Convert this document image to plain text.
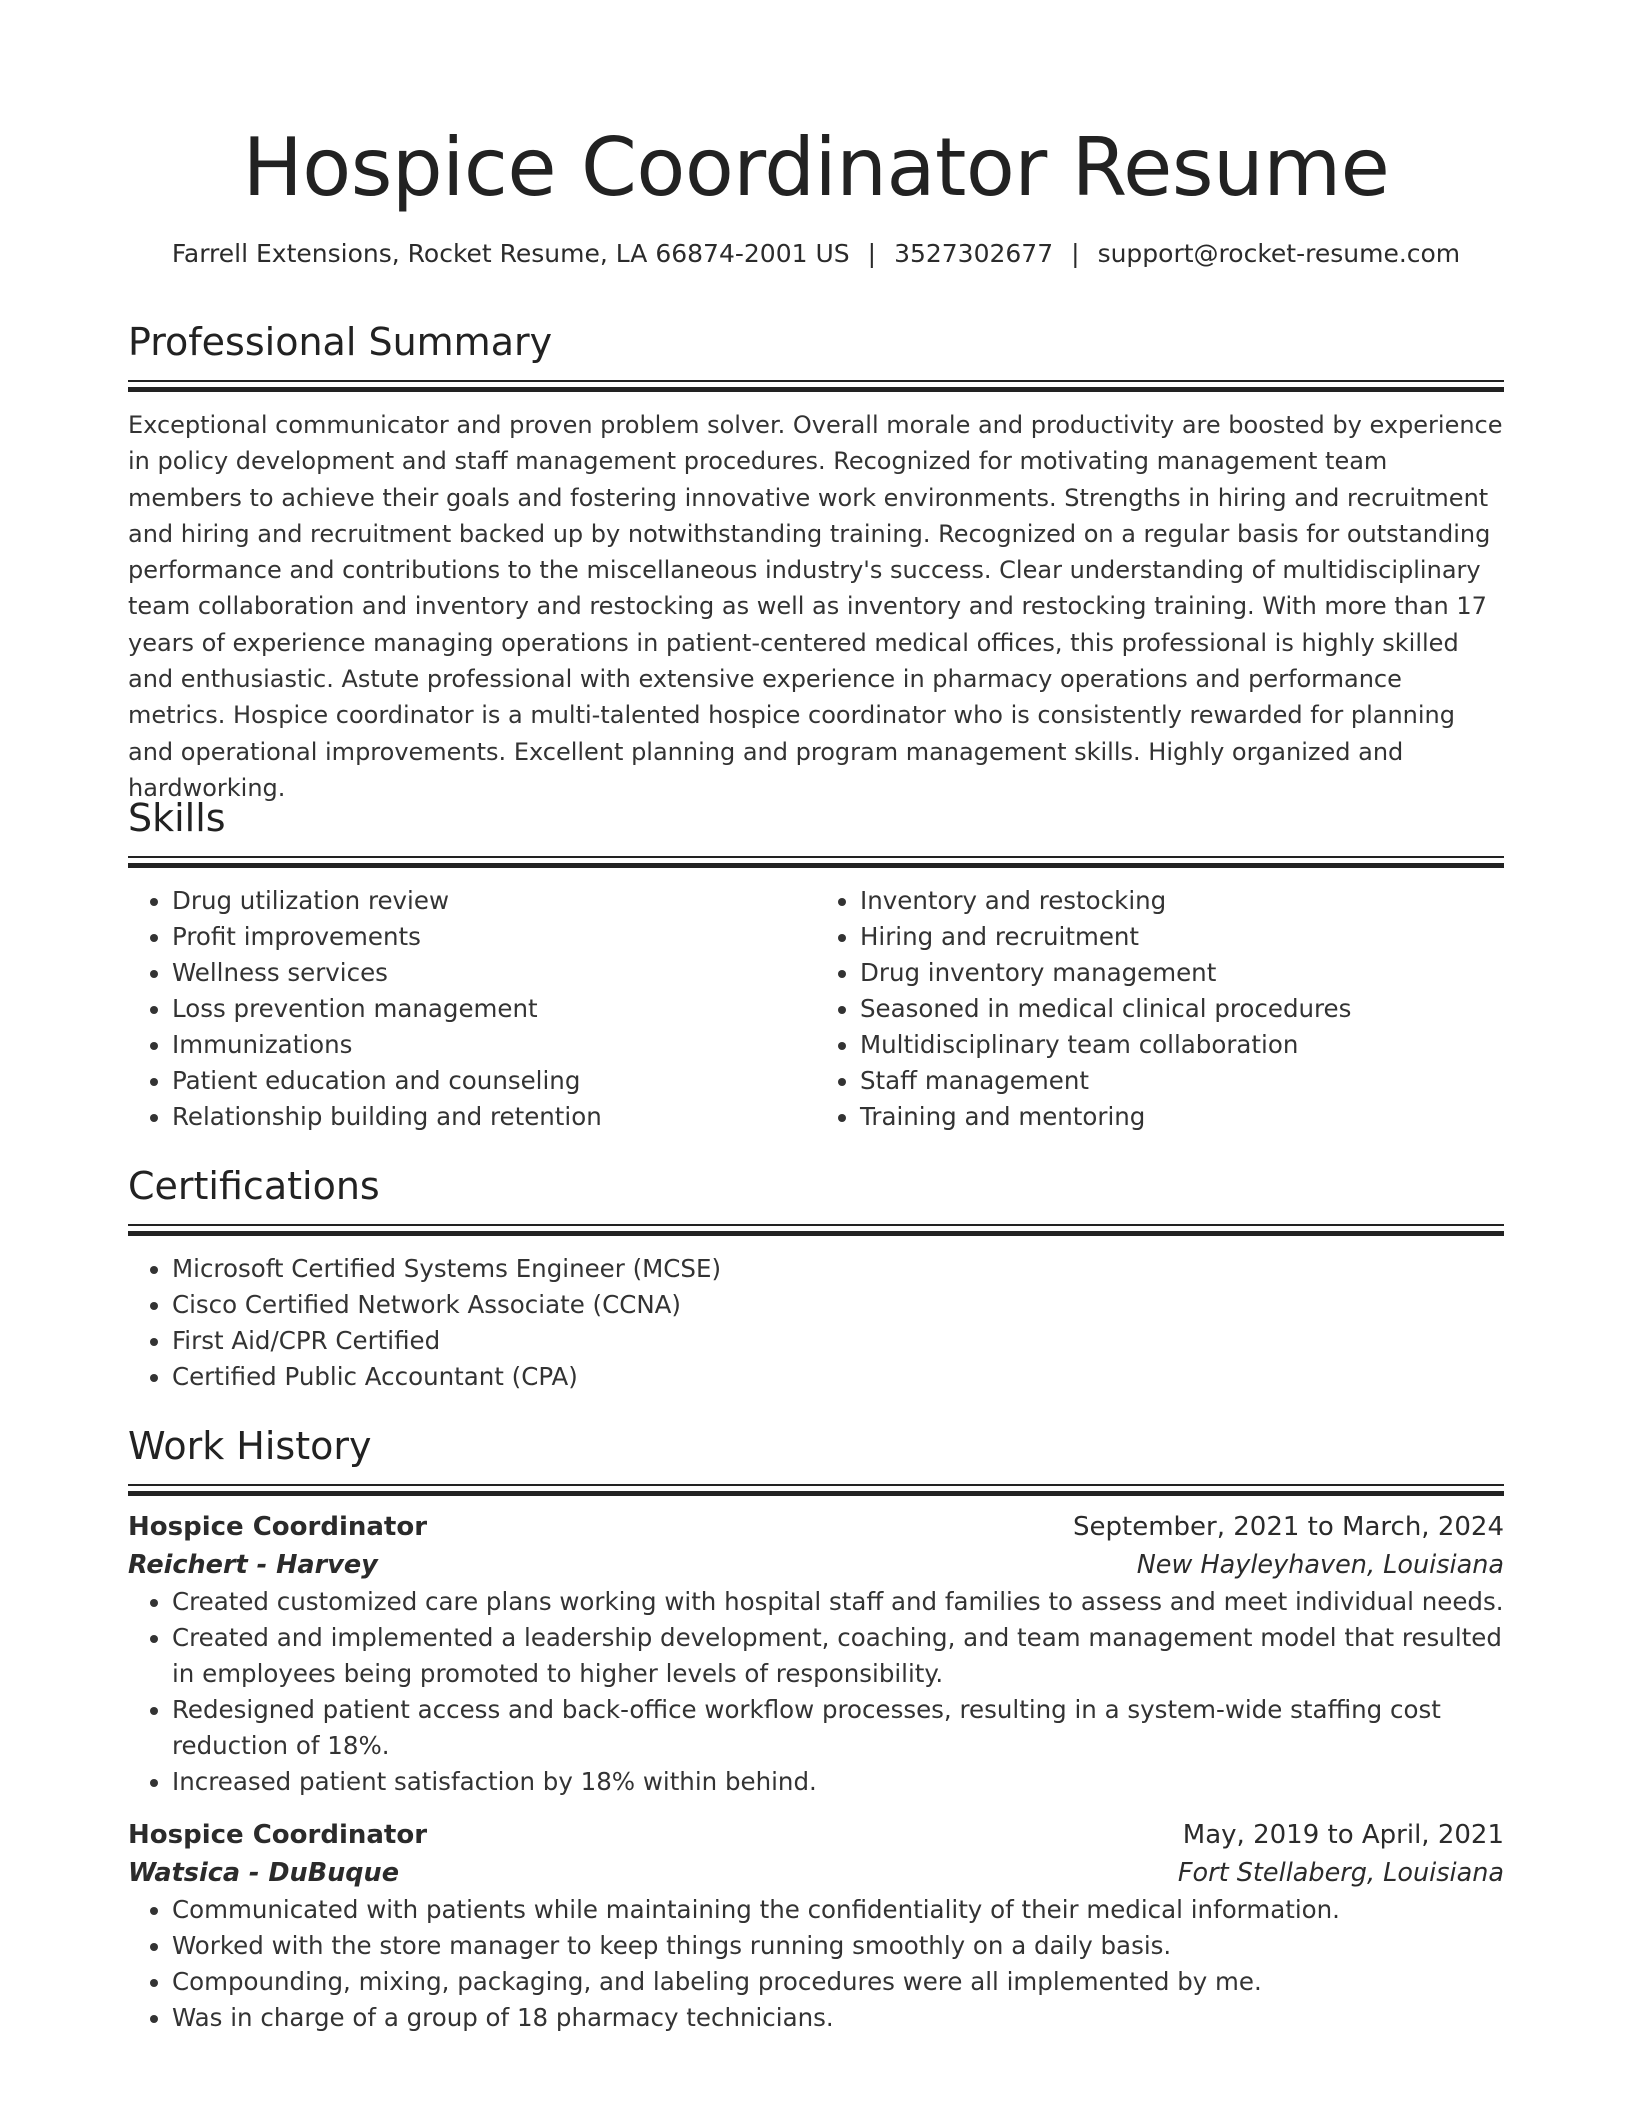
Hospice Coordinator Resume
Farrell Extensions, Rocket Resume, LA 66874-2001 US | 3527302677 | support@rocket-resume.com
Professional Summary
Exceptional communicator and proven problem solver. Overall morale and productivity are boosted by experience in policy development and staff management procedures. Recognized for motivating management team members to achieve their goals and fostering innovative work environments. Strengths in hiring and recruitment and hiring and recruitment backed up by notwithstanding training. Recognized on a regular basis for outstanding performance and contributions to the miscellaneous industry's success. Clear understanding of multidisciplinary team collaboration and inventory and restocking as well as inventory and restocking training. With more than 17 years of experience managing operations in patient-centered medical offices, this professional is highly skilled and enthusiastic. Astute professional with extensive experience in pharmacy operations and performance metrics. Hospice coordinator is a multi-talented hospice coordinator who is consistently rewarded for planning and operational improvements. Excellent planning and program management skills. Highly organized and hardworking.
Skills
• Drug utilization review
• Profit improvements
• Wellness services
• Loss prevention management
• Immunizations
• Patient education and counseling
• Relationship building and retention
• Inventory and restocking
• Hiring and recruitment
• Drug inventory management
• Seasoned in medical clinical procedures
• Multidisciplinary team collaboration
• Staff management
• Training and mentoring
Certifications
• Microsoft Certified Systems Engineer (MCSE)
• Cisco Certified Network Associate (CCNA)
• First Aid/CPR Certified
• Certified Public Accountant (CPA)
Work History
Hospice Coordinator	September, 2021 to March, 2024
Reichert - Harvey	New Hayleyhaven, Louisiana
• Created customized care plans working with hospital staff and families to assess and meet individual needs.
• Created and implemented a leadership development, coaching, and team management model that resulted in employees being promoted to higher levels of responsibility.
• Redesigned patient access and back-office workflow processes, resulting in a system-wide staffing cost reduction of 18%.
• Increased patient satisfaction by 18% within behind.
Hospice Coordinator	May, 2019 to April, 2021
Watsica - DuBuque	Fort Stellaberg, Louisiana
• Communicated with patients while maintaining the confidentiality of their medical information.
• Worked with the store manager to keep things running smoothly on a daily basis.
• Compounding, mixing, packaging, and labeling procedures were all implemented by me.
• Was in charge of a group of 18 pharmacy technicians.
